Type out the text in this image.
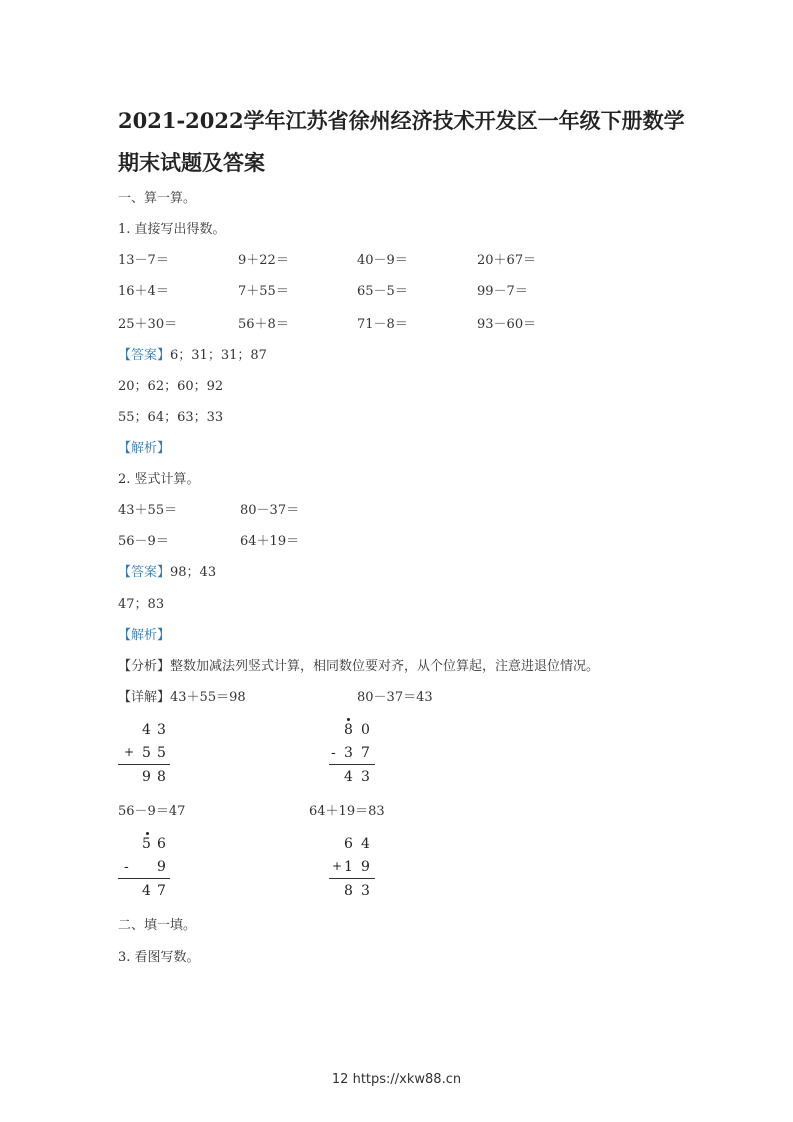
2021-2022学年江苏省徐州经济技术开发区一年级下册数学
期末试题及答案
一、算一算。
1. 直接写出得数。
13－7＝	9＋22＝	40－9＝	20＋67＝
16＋4＝	7＋55＝	65－5＝	99－7＝
25＋30＝	56＋8＝	71－8＝	93－60＝
【答案】6；31；31；87
20；62；60；92
55；64；63；33
【解析】
2. 竖式计算。
43＋55＝	80－37＝
56－9＝	64＋19＝
【答案】98；43
47；83
【解析】
【分析】整数加减法列竖式计算，相同数位要对齐，从个位算起，注意进退位情况。
【详解】43＋55＝98	80－37＝43
4 3
+ 5 5
9 8
8 0
- 3 7
4 3
56－9＝47	64＋19＝83
5 6
- 9
4 7
6 4
+ 1 9
8 3
二、填一填。
3. 看图写数。
12 https://xkw88.cn
